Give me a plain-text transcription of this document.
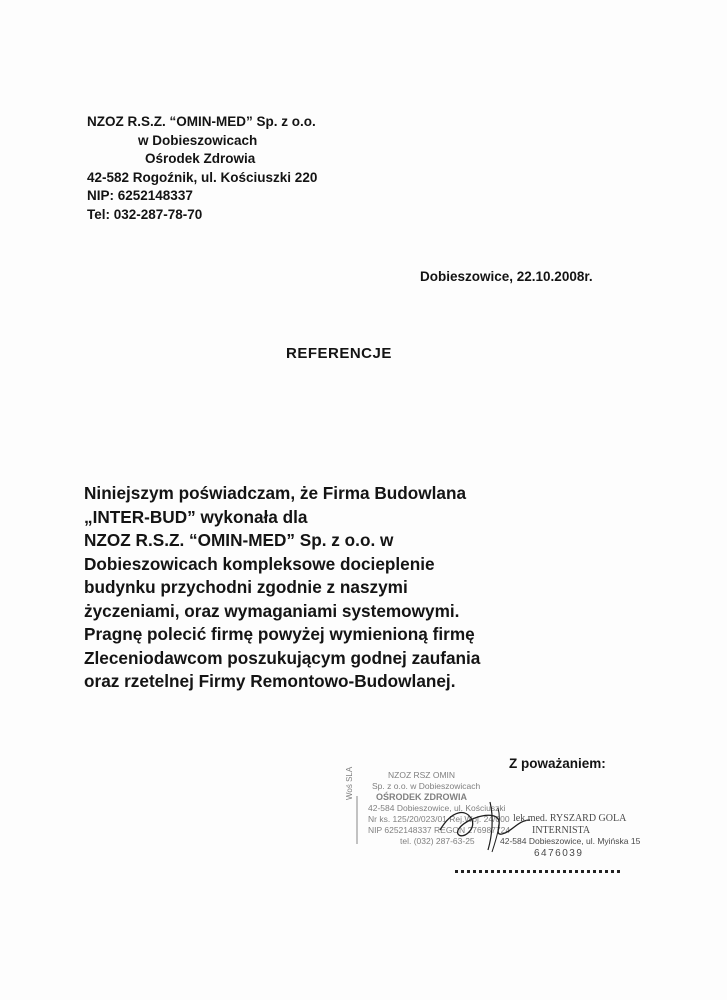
NZOZ R.S.Z. “OMIN-MED” Sp. z o.o.
w Dobieszowicach
Ośrodek Zdrowia
42-582 Rogoźnik, ul. Kościuszki 220
NIP: 6252148337
Tel: 032-287-78-70
Dobieszowice, 22.10.2008r.
REFERENCJE
Niniejszym poświadczam, że Firma Budowlana
„INTER-BUD” wykonała dla
NZOZ R.S.Z. “OMIN-MED” Sp. z o.o. w
Dobieszowicach kompleksowe docieplenie
budynku przychodni zgodnie z naszymi
życzeniami, oraz wymaganiami systemowymi.
Pragnę polecić firmę powyżej wymienioną firmę
Zleceniodawcom poszukującym godnej zaufania
oraz rzetelnej Firmy Remontowo-Budowlanej.
Z poważaniem:
Woś SLA	NZOZ RSZ OMIN
Sp. z o.o. w Dobieszowicach
OŚRODEK ZDROWIA
42-584 Dobieszowice, ul. Kościuszki
Nr ks. 125/20/023/01 Rej.Woj. 24/000
NIP 6252148337 REGON 276987724
tel. (032) 287-63-25
lek.med. RYSZARD GOLA
INTERNISTA
42-584 Dobieszowice, ul. Myińska 15
6476039
